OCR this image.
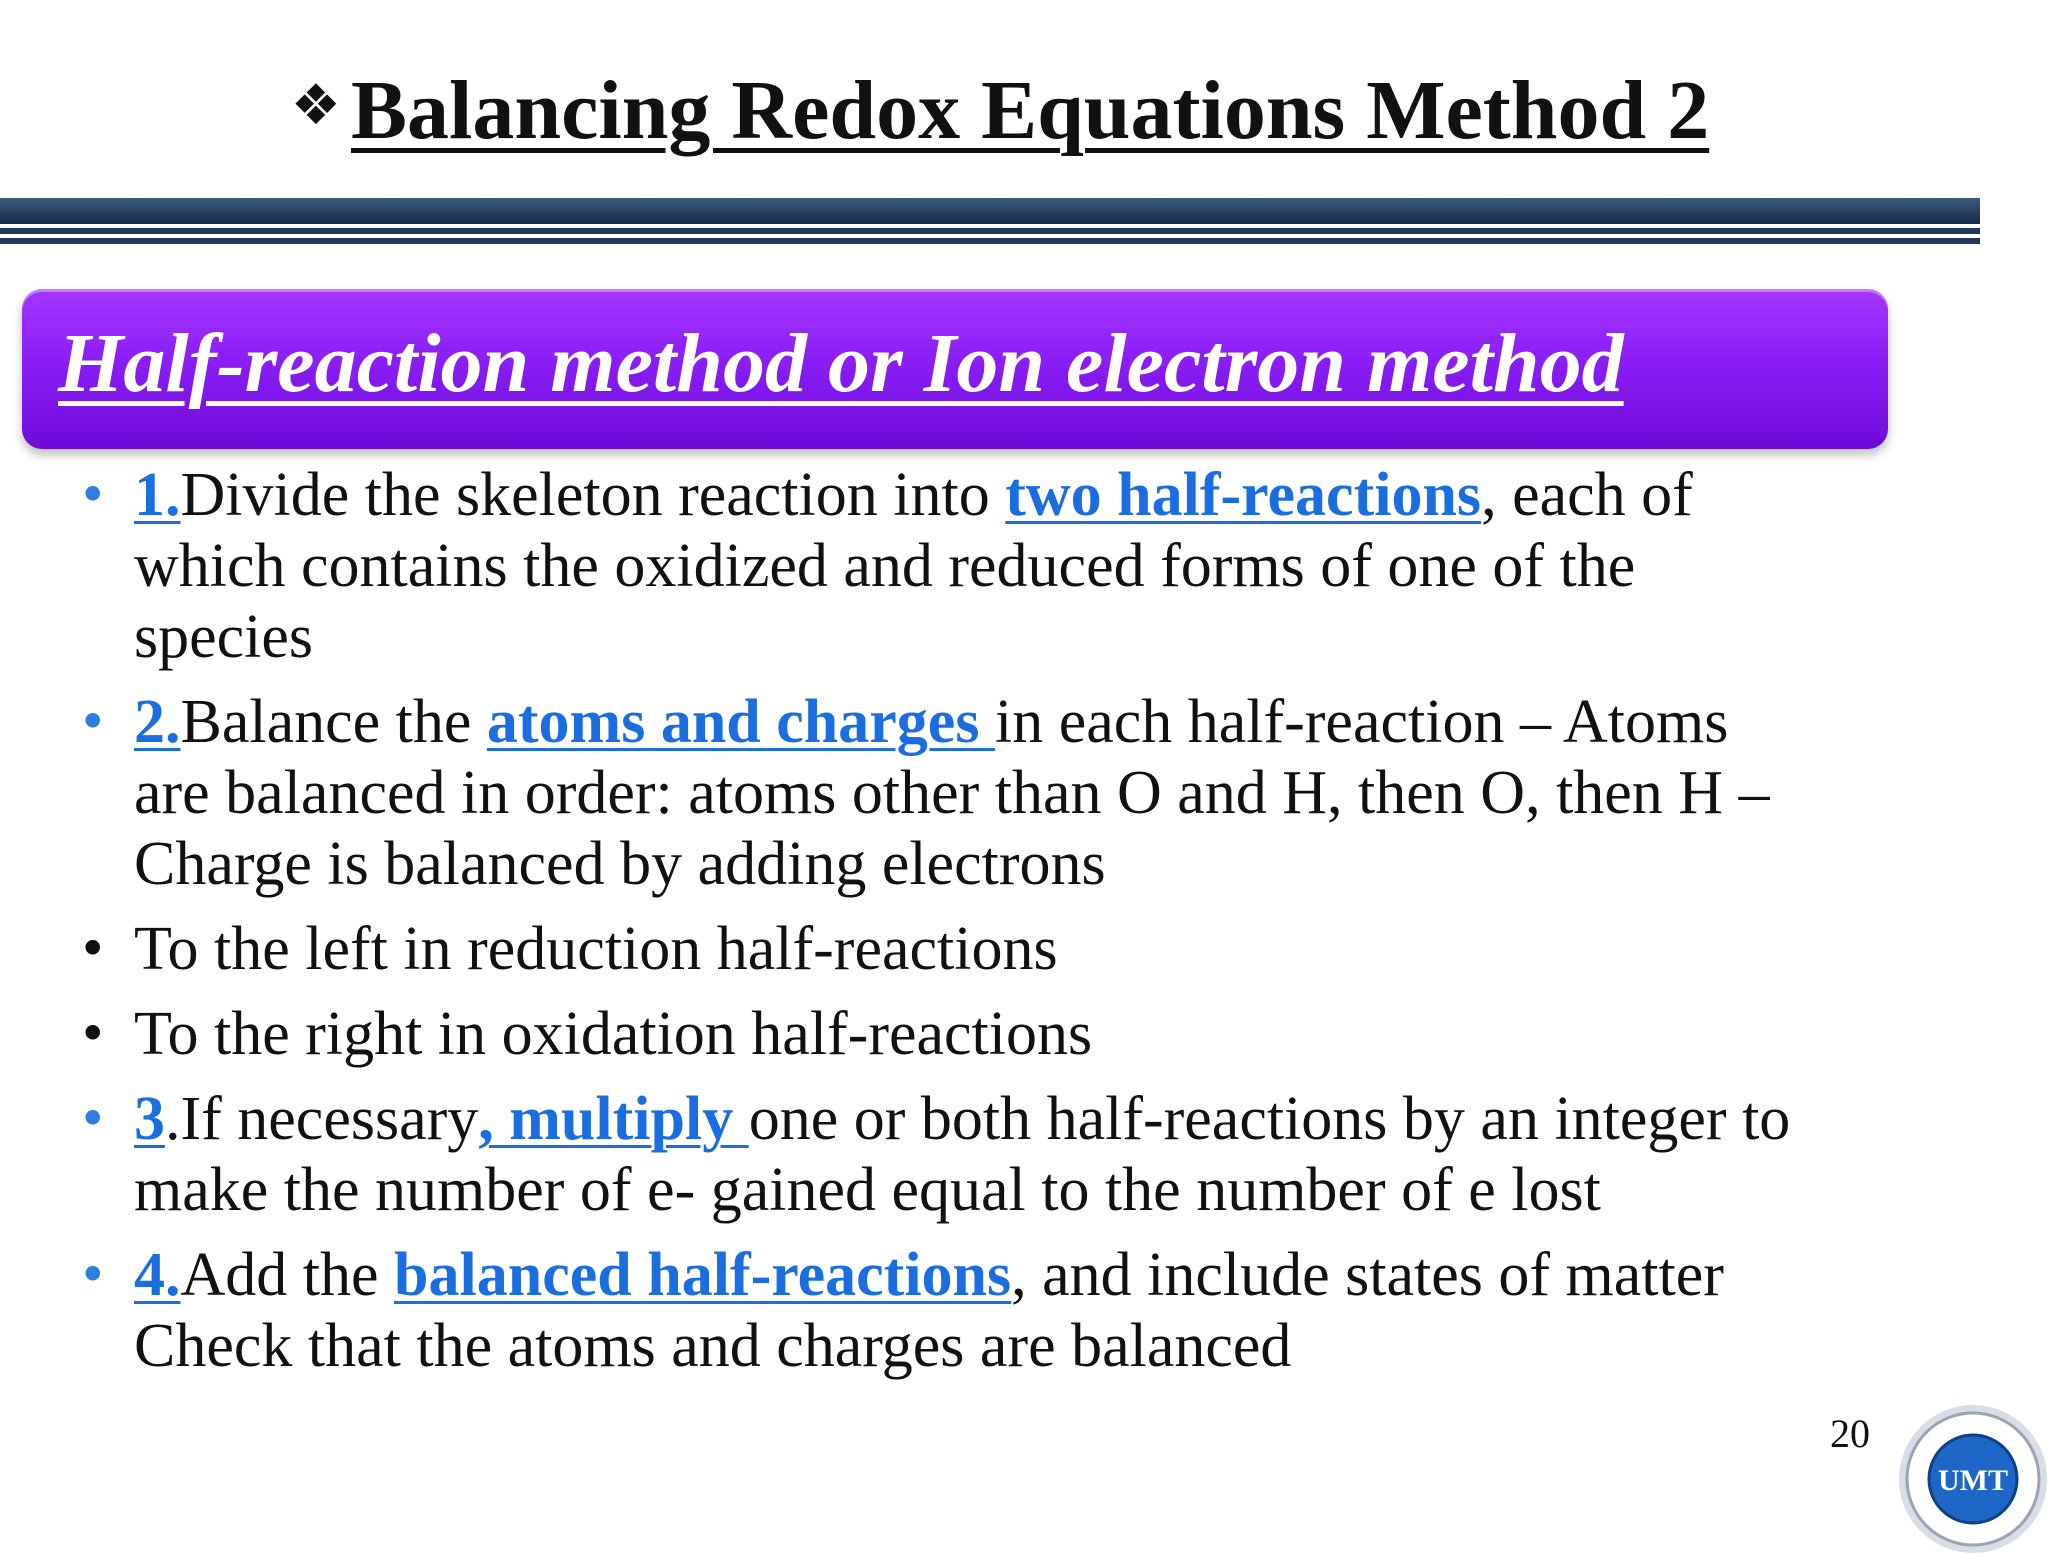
❖ Balancing Redox Equations Method 2
Half-reaction method or Ion electron method
• 1.Divide the skeleton reaction into two half-reactions, each of which contains the oxidized and reduced forms of one of the species
• 2.Balance the atoms and charges in each half-reaction – Atoms are balanced in order: atoms other than O and H, then O, then H – Charge is balanced by adding electrons
• To the left in reduction half-reactions
• To the right in oxidation half-reactions
• 3.If necessary, multiply one or both half-reactions by an integer to make the number of e- gained equal to the number of e lost
• 4.Add the balanced half-reactions, and include states of matter Check that the atoms and charges are balanced
20
UMT
